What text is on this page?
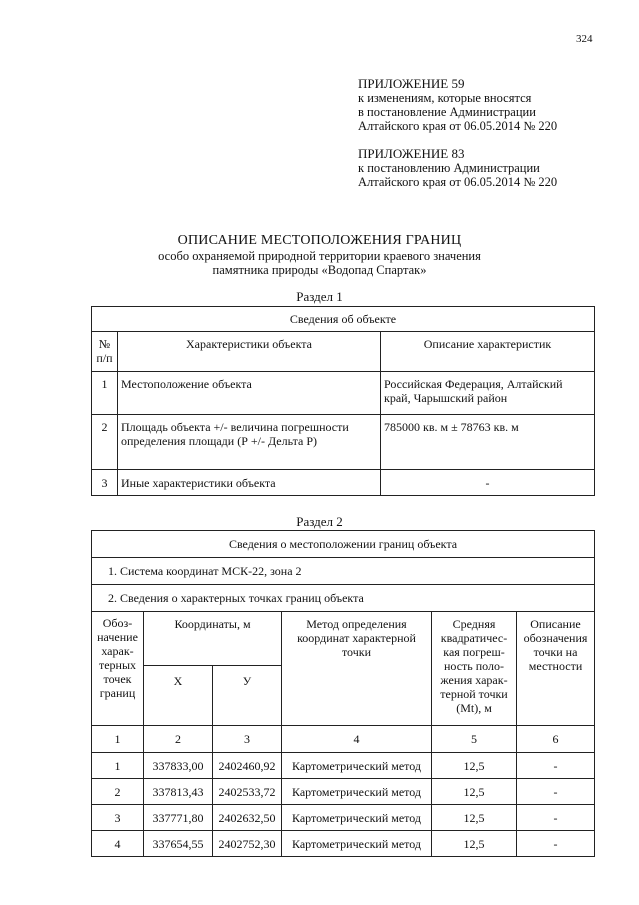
324
ПРИЛОЖЕНИЕ 59
к изменениям, которые вносятся
в постановление Администрации
Алтайского края от 06.05.2014 № 220
ПРИЛОЖЕНИЕ 83
к постановлению Администрации
Алтайского края от 06.05.2014 № 220
ОПИСАНИЕ МЕСТОПОЛОЖЕНИЯ ГРАНИЦ
особо охраняемой природной территории краевого значения
памятника природы «Водопад Спартак»
Раздел 1
Сведения об объекте		
№ п/п	Характеристики объекта	Описание характеристик
1	Местоположение объекта	Российская Федерация, Алтайский край, Чарышский район
2	Площадь объекта +/- величина погрешности определения площади (Р +/- Дельта Р)	785000 кв. м ± 78763 кв. м
3	Иные характеристики объекта	-
Раздел 2
Сведения о местоположении границ объекта					
1. Система координат МСК-22, зона 2					
2. Сведения о характерных точках границ объекта					
Обоз-начение харак-терных точек границ	Координаты, м		Метод определения координат характерной точки	Средняя квадратичес-кая погреш-ность поло-жения харак-терной точки (Mt), м	Описание обозначения точки на местности
	X	У			
1	2	3	4	5	6
1	337833,00	2402460,92	Картометрический метод	12,5	-
2	337813,43	2402533,72	Картометрический метод	12,5	-
3	337771,80	2402632,50	Картометрический метод	12,5	-
4	337654,55	2402752,30	Картометрический метод	12,5	-
